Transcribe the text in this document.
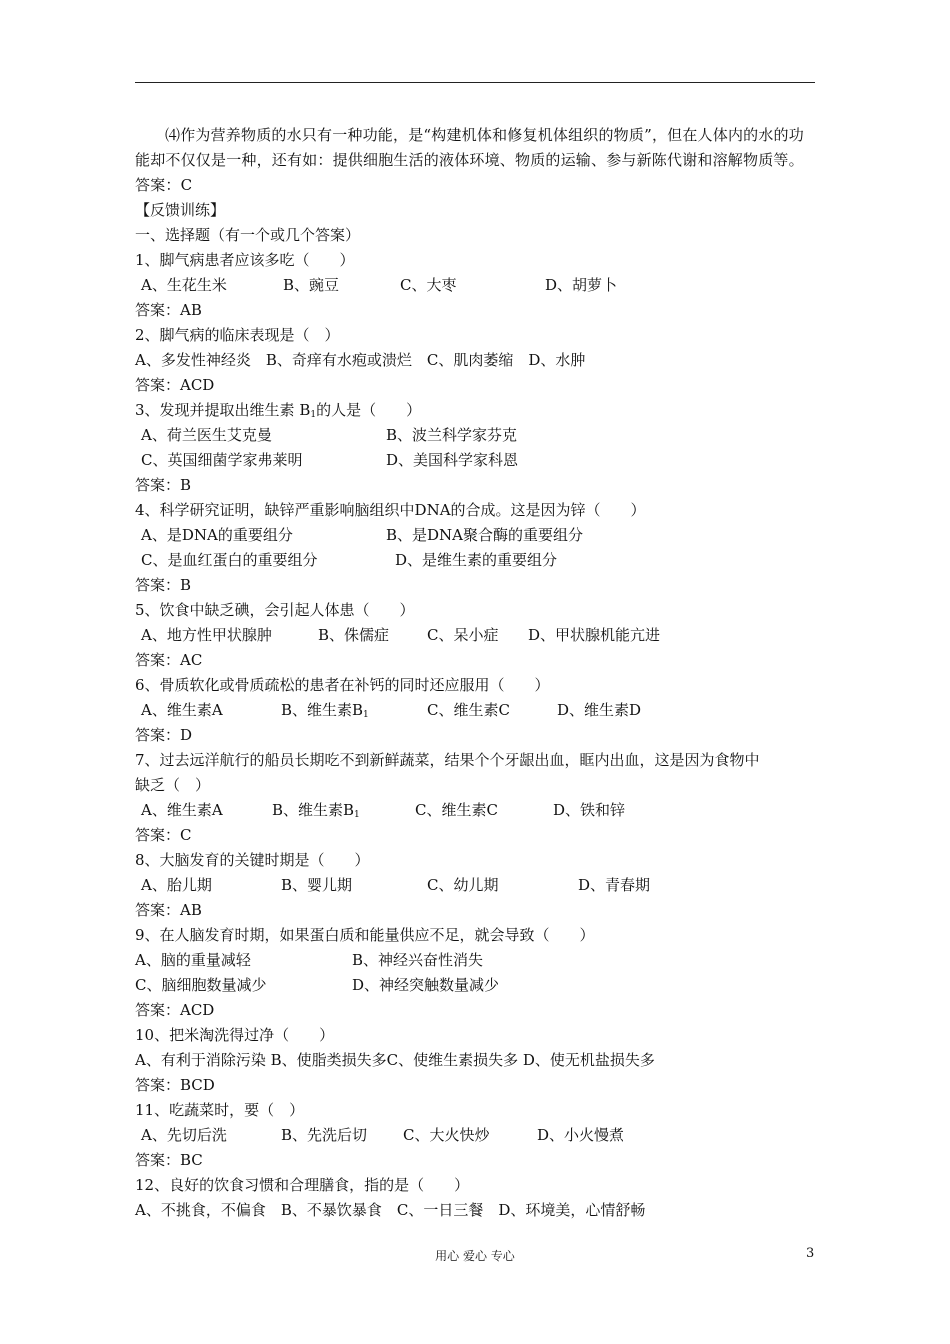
⑷作为营养物质的水只有一种功能，是“构建机体和修复机体组织的物质”，但在人体内的水的功能却不仅仅是一种，还有如：提供细胞生活的液体环境、物质的运输、参与新陈代谢和溶解物质等。　　　答案：C

【反馈训练】
一、选择题（有一个或几个答案）
1、脚气病患者应该多吃（　　）
A、生花生米	B、豌豆	C、大枣	D、胡萝卜
答案：AB
2、脚气病的临床表现是（　）
A、多发性神经炎　B、奇痒有水疱或溃烂　C、肌肉萎缩　D、水肿
答案：ACD
3、发现并提取出维生素 $B_1$的人是（　　）
A、荷兰医生艾克曼	B、波兰科学家芬克
C、英国细菌学家弗莱明	D、美国科学家科恩
答案：B
4、科学研究证明，缺锌严重影响脑组织中DNA的合成。这是因为锌（　　）
A、是DNA的重要组分	B、是DNA聚合酶的重要组分
C、是血红蛋白的重要组分	D、是维生素的重要组分
答案：B
5、饮食中缺乏碘，会引起人体患（　　）
A、地方性甲状腺肿	B、侏儒症	C、呆小症 D、甲状腺机能亢进
答案：AC
6、骨质软化或骨质疏松的患者在补钙的同时还应服用（　　）
A、维生素A	B、维生素$B_1$	C、维生素C	D、维生素D
答案：D
7、过去远洋航行的船员长期吃不到新鲜蔬菜，结果个个牙龈出血，眶内出血，这是因为食物中
缺乏（　）
A、维生素A	B、维生素$B_1$	C、维生素C	D、铁和锌
答案：C
8、大脑发育的关键时期是（　　）
A、胎儿期	B、婴儿期	C、幼儿期	D、青春期
答案：AB
9、在人脑发育时期，如果蛋白质和能量供应不足，就会导致（　　）
A、脑的重量减轻	B、神经兴奋性消失
C、脑细胞数量减少	D、神经突触数量减少
答案：ACD
10、把米淘洗得过净（　　）
A、有利于消除污染 B、使脂类损失多C、使维生素损失多 D、使无机盐损失多
答案：BCD
11、吃蔬菜时，要（　）
A、先切后洗	B、先洗后切 C、大火快炒	D、小火慢煮
答案：BC
12、良好的饮食习惯和合理膳食，指的是（　　）
A、不挑食，不偏食　B、不暴饮暴食　C、一日三餐　D、环境美，心情舒畅
用心 爱心 专心	3
